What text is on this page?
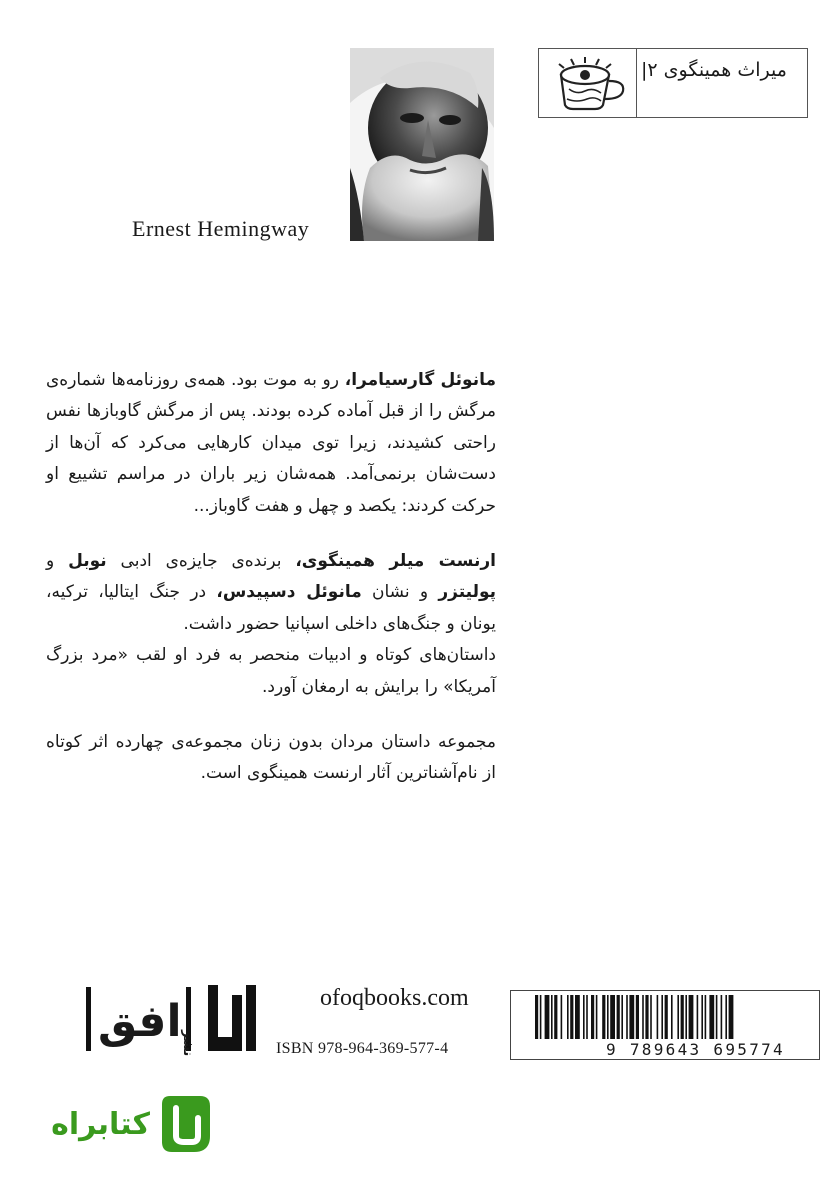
میراث همینگوی ۲
|
Ernest Hemingway

مانوئل گارسیامرا، رو به موت بود. همه‌ی روزنامه‌ها شماره‌ی مرگش را از قبل آماده کرده بودند. پس از مرگش گاوبازها نفس راحتی کشیدند، زیرا توی میدان کارهایی می‌کرد که آن‌ها از دست‌شان برنمی‌آمد. همه‌شان زیر باران در مراسم تشییع او حرکت کردند: یکصد و چهل و هفت گاوباز...

ارنست میلر همینگوی، برنده‌ی جایزه‌ی ادبی نوبل و پولیتزر و نشان مانوئل دسپیدس، در جنگ ایتالیا، ترکیه، یونان و جنگ‌های داخلی اسپانیا حضور داشت.
داستان‌های کوتاه و ادبیات منحصر به فرد او لقب «مرد بزرگ آمریکا» را برایش به ارمغان آورد.

مجموعه داستان مردان بدون زنان مجموعه‌ی چهارده اثر کوتاه از نام‌آشناترین آثار ارنست همینگوی است.

افق
نشر
ofoqbooks.com
ISBN 978-964-369-577-4	9 789643 695774
کتابراه
